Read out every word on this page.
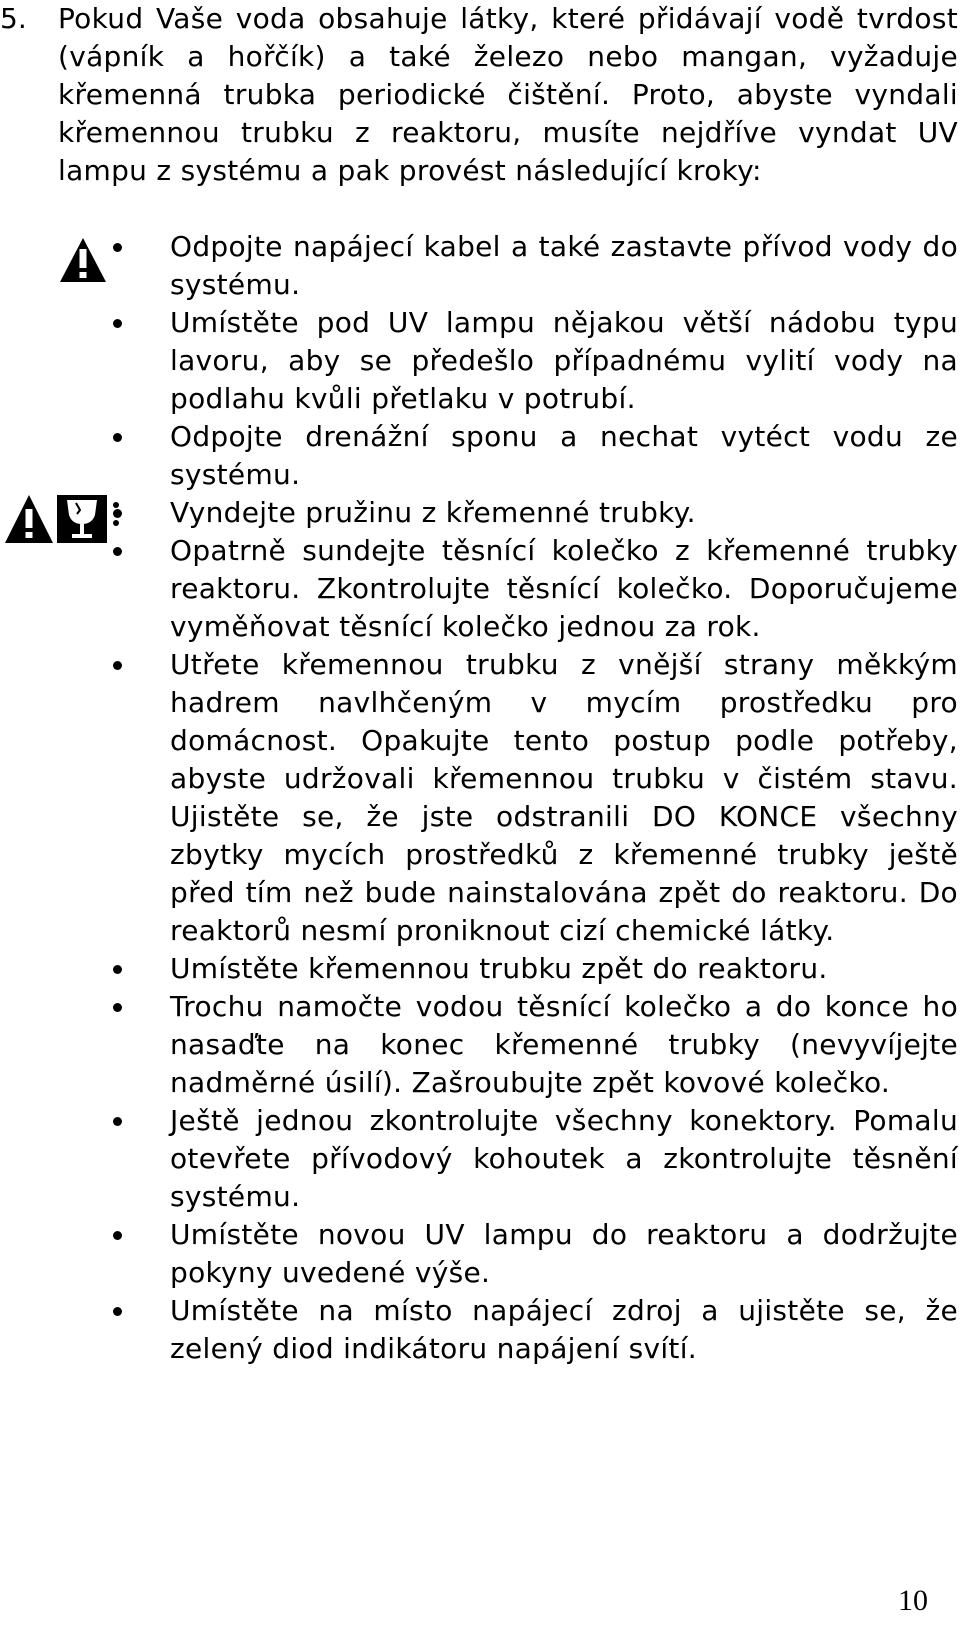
5. Pokud Vaše voda obsahuje látky, které přidávají vodě tvrdost (vápník a hořčík) a také železo nebo mangan, vyžaduje křemenná trubka periodické čištění. Proto, abyste vyndali křemennou trubku z reaktoru, musíte nejdříve vyndat UV lampu z systému a pak provést následující kroky:
Odpojte napájecí kabel a také zastavte přívod vody do systému.
Umístěte pod UV lampu nějakou větší nádobu typu lavoru, aby se předešlo případnému vylití vody na podlahu kvůli přetlaku v potrubí.
Odpojte drenážní sponu a nechat vytéct vodu ze systému.
Vyndejte pružinu z křemenné trubky.
Opatrně sundejte těsnící kolečko z křemenné trubky reaktoru. Zkontrolujte těsnící kolečko. Doporučujeme vyměňovat těsnící kolečko jednou za rok.
Utřete křemennou trubku z vnější strany měkkým hadrem navlhčeným v mycím prostředku pro domácnost. Opakujte tento postup podle potřeby, abyste udržovali křemennou trubku v čistém stavu. Ujistěte se, že jste odstranili DO KONCE všechny zbytky mycích prostředků z křemenné trubky ještě před tím než bude nainstalována zpět do reaktoru. Do reaktorů nesmí proniknout cizí chemické látky.
Umístěte křemennou trubku zpět do reaktoru.
Trochu namočte vodou těsnící kolečko a do konce ho nasaďte na konec křemenné trubky (nevyvíjejte nadměrné úsilí). Zašroubujte zpět kovové kolečko.
Ještě jednou zkontrolujte všechny konektory. Pomalu otevřete přívodový kohoutek a zkontrolujte těsnění systému.
Umístěte novou UV lampu do reaktoru a dodržujte pokyny uvedené výše.
Umístěte na místo napájecí zdroj a ujistěte se, že zelený diod indikátoru napájení svítí.
10
